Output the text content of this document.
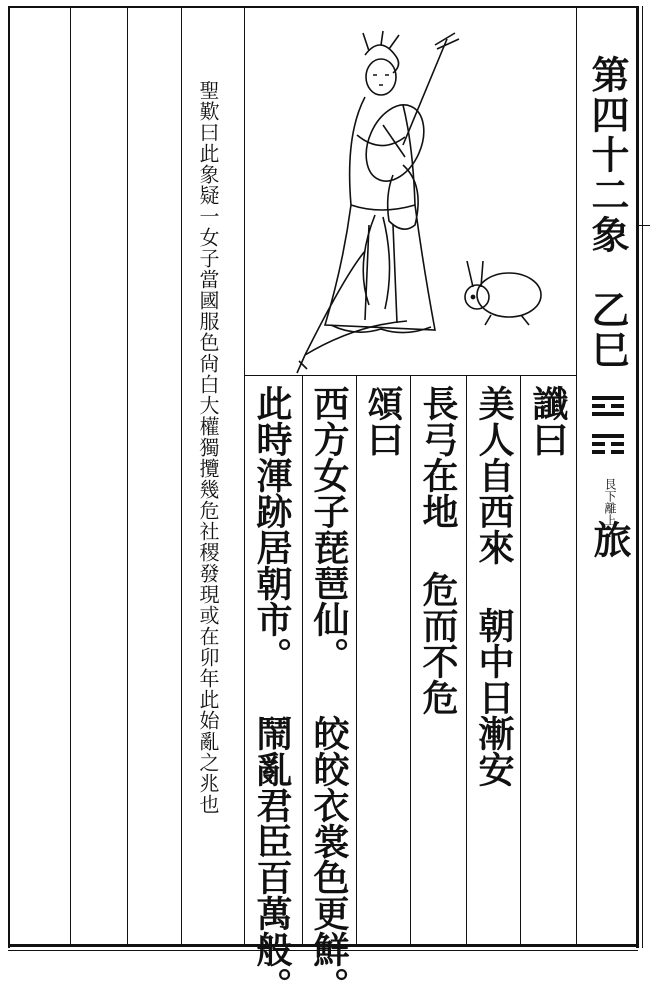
第四十二象
乙巳
艮下離上
旅
讖曰
美人自西來 朝中日漸安
長弓在地 危而不危
頌曰
西方女子琵琶仙。 皎皎衣裳色更鮮。
此時渾跡居朝市。 鬧亂君臣百萬般。
聖歎曰此象疑一女子當國服色尙白大權獨攬幾危社稷發現或在卯年此始亂之兆也
